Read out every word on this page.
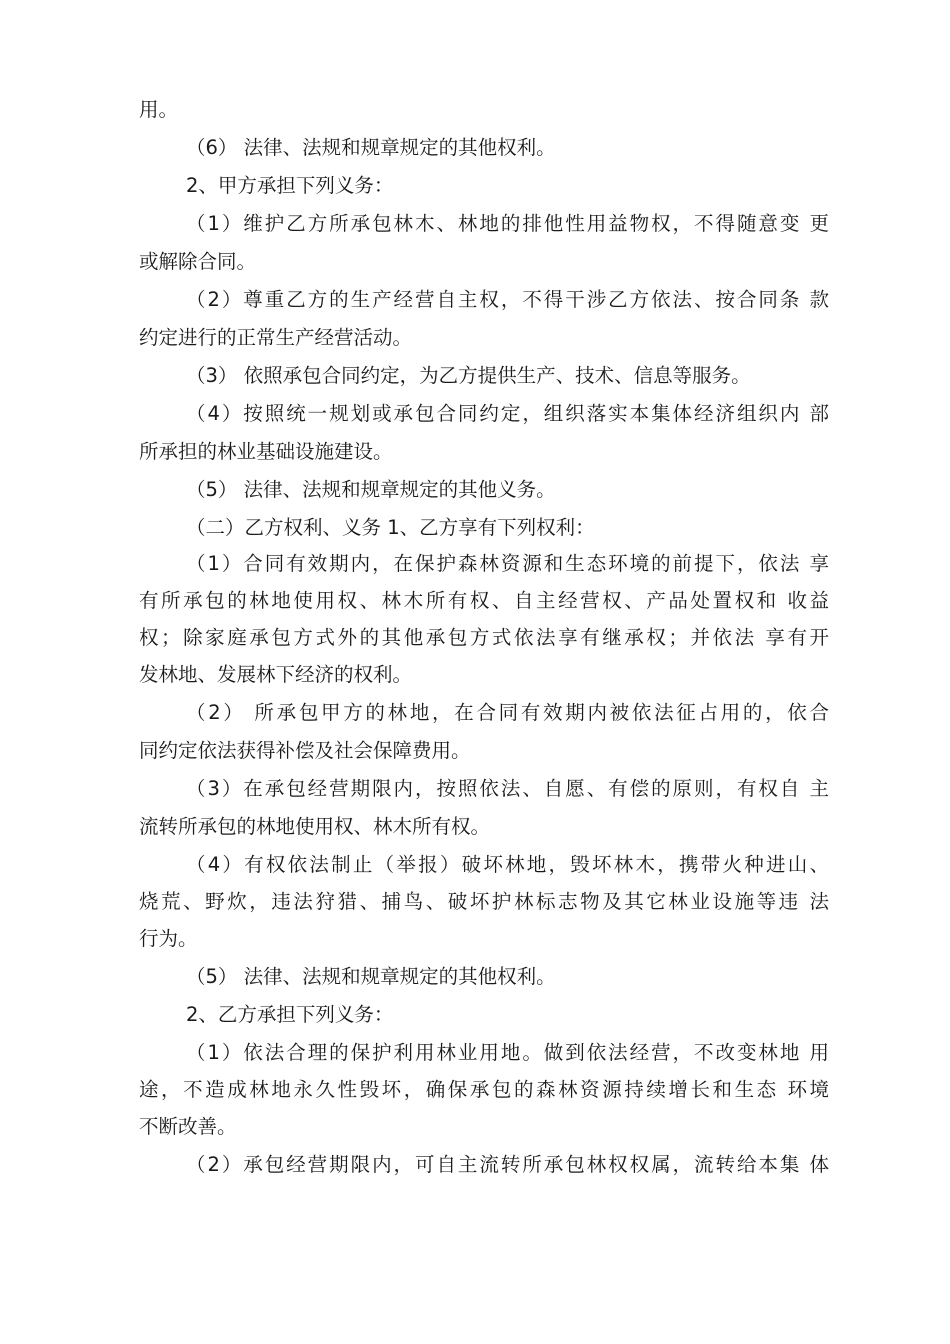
用。
（6） 法律、法规和规章规定的其他权利。
2、甲方承担下列义务：
（1）维护乙方所承包林木、林地的排他性用益物权，不得随意变 更
或解除合同。
（2）尊重乙方的生产经营自主权，不得干涉乙方依法、按合同条 款
约定进行的正常生产经营活动。
（3） 依照承包合同约定，为乙方提供生产、技术、信息等服务。
（4）按照统一规划或承包合同约定，组织落实本集体经济组织内 部
所承担的林业基础设施建设。
（5） 法律、法规和规章规定的其他义务。
（二）乙方权利、义务 1、乙方享有下列权利：
（1）合同有效期内，在保护森林资源和生态环境的前提下，依法 享
有所承包的林地使用权、林木所有权、自主经营权、产品处置权和 收益
权；除家庭承包方式外的其他承包方式依法享有继承权；并依法 享有开
发林地、发展林下经济的权利。
（2） 所承包甲方的林地，在合同有效期内被依法征占用的，依合
同约定依法获得补偿及社会保障费用。
（3）在承包经营期限内，按照依法、自愿、有偿的原则，有权自 主
流转所承包的林地使用权、林木所有权。
（4）有权依法制止（举报）破坏林地，毁坏林木，携带火种进山、
烧荒、野炊，违法狩猎、捕鸟、破坏护林标志物及其它林业设施等违 法
行为。
（5） 法律、法规和规章规定的其他权利。
2、乙方承担下列义务：
（1）依法合理的保护利用林业用地。做到依法经营，不改变林地 用
途，不造成林地永久性毁坏，确保承包的森林资源持续增长和生态 环境
不断改善。
（2）承包经营期限内，可自主流转所承包林权权属，流转给本集 体
